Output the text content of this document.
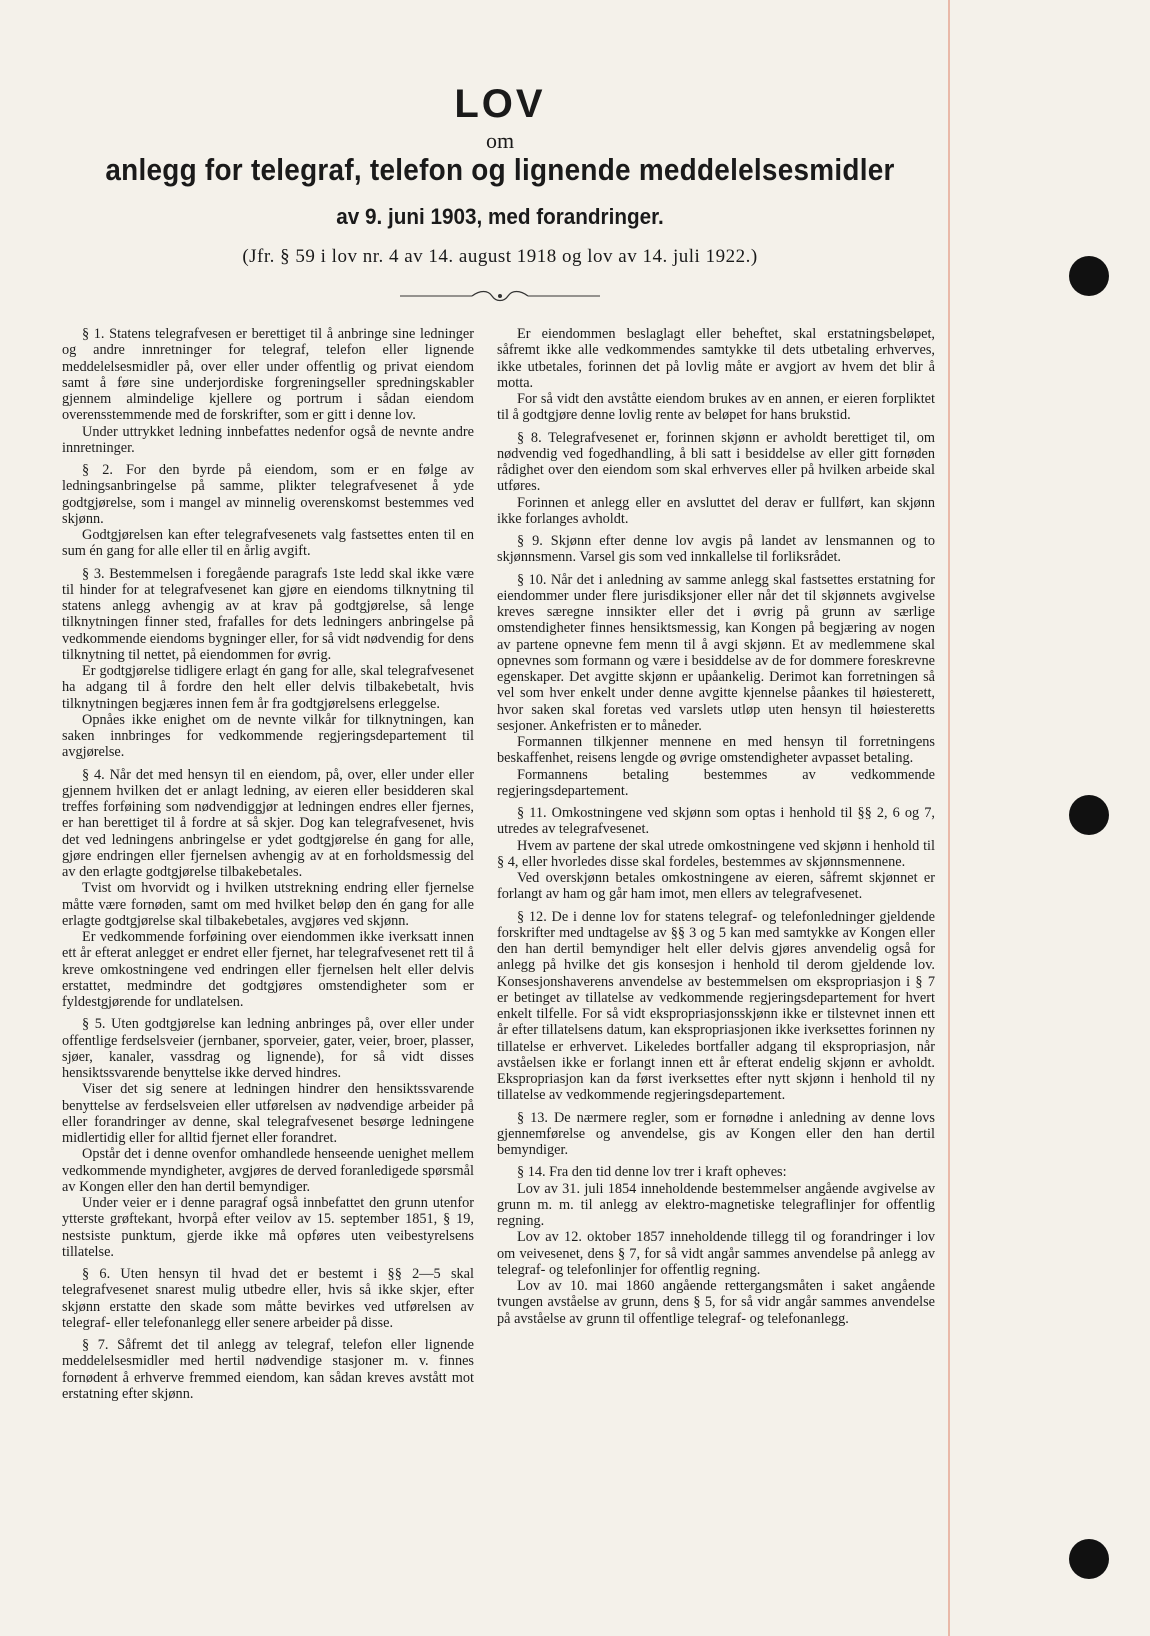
LOV
om
anlegg for telegraf, telefon og lignende meddelelsesmidler
av 9. juni 1903, med forandringer.
(Jfr. § 59 i lov nr. 4 av 14. august 1918 og lov av 14. juli 1922.)

§ 1. Statens telegrafvesen er berettiget til å anbringe sine ledninger og andre innretninger for telegraf, telefon eller lignende meddelelsesmidler på, over eller under offentlig og privat eiendom samt å føre sine underjordiske forgreningseller spredningskabler gjennem almindelige kjellere og portrum i sådan eiendom overensstemmende med de forskrifter, som er gitt i denne lov.

Under uttrykket ledning innbefattes nedenfor også de nevnte andre innretninger.

§ 2. For den byrde på eiendom, som er en følge av ledningsanbringelse på samme, plikter telegrafvesenet å yde godtgjørelse, som i mangel av minnelig overenskomst bestemmes ved skjønn.

Godtgjørelsen kan efter telegrafvesenets valg fastsettes enten til en sum én gang for alle eller til en årlig avgift.

§ 3. Bestemmelsen i foregående paragrafs 1ste ledd skal ikke være til hinder for at telegrafvesenet kan gjøre en eiendoms tilknytning til statens anlegg avhengig av at krav på godtgjørelse, så lenge tilknytningen finner sted, frafalles for dets ledningers anbringelse på vedkommende eiendoms bygninger eller, for så vidt nødvendig for dens tilknytning til nettet, på eiendommen for øvrig.

Er godtgjørelse tidligere erlagt én gang for alle, skal telegrafvesenet ha adgang til å fordre den helt eller delvis tilbakebetalt, hvis tilknytningen begjæres innen fem år fra godtgjørelsens erleggelse.

Opnåes ikke enighet om de nevnte vilkår for tilknytningen, kan saken innbringes for vedkommende regjeringsdepartement til avgjørelse.

§ 4. Når det med hensyn til en eiendom, på, over, eller under eller gjennem hvilken det er anlagt ledning, av eieren eller besidderen skal treffes forføining som nødvendiggjør at ledningen endres eller fjernes, er han berettiget til å fordre at så skjer. Dog kan telegrafvesenet, hvis det ved ledningens anbringelse er ydet godtgjørelse én gang for alle, gjøre endringen eller fjernelsen avhengig av at en forholdsmessig del av den erlagte godtgjørelse tilbakebetales.

Tvist om hvorvidt og i hvilken utstrekning endring eller fjernelse måtte være fornøden, samt om med hvilket beløp den én gang for alle erlagte godtgjørelse skal tilbakebetales, avgjøres ved skjønn.

Er vedkommende forføining over eiendommen ikke iverksatt innen ett år efterat anlegget er endret eller fjernet, har telegrafvesenet rett til å kreve omkostningene ved endringen eller fjernelsen helt eller delvis erstattet, medmindre det godtgjøres omstendigheter som er fyldestgjørende for undlatelsen.

§ 5. Uten godtgjørelse kan ledning anbringes på, over eller under offentlige ferdselsveier (jernbaner, sporveier, gater, veier, broer, plasser, sjøer, kanaler, vassdrag og lignende), for så vidt disses hensiktssvarende benyttelse ikke derved hindres.

Viser det sig senere at ledningen hindrer den hensiktssvarende benyttelse av ferdselsveien eller utførelsen av nødvendige arbeider på eller forandringer av denne, skal telegrafvesenet besørge ledningene midlertidig eller for alltid fjernet eller forandret.

Opstår det i denne ovenfor omhandlede henseende uenighet mellem vedkommende myndigheter, avgjøres de derved foranledigede spørsmål av Kongen eller den han dertil bemyndiger.

Under veier er i denne paragraf også innbefattet den grunn utenfor ytterste grøftekant, hvorpå efter veilov av 15. september 1851, § 19, nestsiste punktum, gjerde ikke må opføres uten veibestyrelsens tillatelse.

§ 6. Uten hensyn til hvad det er bestemt i §§ 2—5 skal telegrafvesenet snarest mulig utbedre eller, hvis så ikke skjer, efter skjønn erstatte den skade som måtte bevirkes ved utførelsen av telegraf- eller telefonanlegg eller senere arbeider på disse.

§ 7. Såfremt det til anlegg av telegraf, telefon eller lignende meddelelsesmidler med hertil nødvendige stasjoner m. v. finnes fornødent å erhverve fremmed eiendom, kan sådan kreves avstått mot erstatning efter skjønn.

Er eiendommen beslaglagt eller beheftet, skal erstatningsbeløpet, såfremt ikke alle vedkommendes samtykke til dets utbetaling erhverves, ikke utbetales, forinnen det på lovlig måte er avgjort av hvem det blir å motta.

For så vidt den avståtte eiendom brukes av en annen, er eieren forpliktet til å godtgjøre denne lovlig rente av beløpet for hans brukstid.

§ 8. Telegrafvesenet er, forinnen skjønn er avholdt berettiget til, om nødvendig ved fogedhandling, å bli satt i besiddelse av eller gitt fornøden rådighet over den eiendom som skal erhverves eller på hvilken arbeide skal utføres.

Forinnen et anlegg eller en avsluttet del derav er fullført, kan skjønn ikke forlanges avholdt.

§ 9. Skjønn efter denne lov avgis på landet av lensmannen og to skjønnsmenn. Varsel gis som ved innkallelse til forliksrådet.

§ 10. Når det i anledning av samme anlegg skal fastsettes erstatning for eiendommer under flere jurisdiksjoner eller når det til skjønnets avgivelse kreves særegne innsikter eller det i øvrig på grunn av særlige omstendigheter finnes hensiktsmessig, kan Kongen på begjæring av nogen av partene opnevne fem menn til å avgi skjønn. Et av medlemmene skal opnevnes som formann og være i besiddelse av de for dommere foreskrevne egenskaper. Det avgitte skjønn er upåankelig. Derimot kan forretningen så vel som hver enkelt under denne avgitte kjennelse påankes til høiesterett, hvor saken skal foretas ved varslets utløp uten hensyn til høiesteretts sesjoner. Ankefristen er to måneder.

Formannen tilkjenner mennene en med hensyn til forretningens beskaffenhet, reisens lengde og øvrige omstendigheter avpasset betaling.

Formannens betaling bestemmes av vedkommende regjeringsdepartement.

§ 11. Omkostningene ved skjønn som optas i henhold til §§ 2, 6 og 7, utredes av telegrafvesenet.

Hvem av partene der skal utrede omkostningene ved skjønn i henhold til § 4, eller hvorledes disse skal fordeles, bestemmes av skjønnsmennene.

Ved overskjønn betales omkostningene av eieren, såfremt skjønnet er forlangt av ham og går ham imot, men ellers av telegrafvesenet.

§ 12. De i denne lov for statens telegraf- og telefonledninger gjeldende forskrifter med undtagelse av §§ 3 og 5 kan med samtykke av Kongen eller den han dertil bemyndiger helt eller delvis gjøres anvendelig også for anlegg på hvilke det gis konsesjon i henhold til derom gjeldende lov. Konsesjonshaverens anvendelse av bestemmelsen om ekspropriasjon i § 7 er betinget av tillatelse av vedkommende regjeringsdepartement for hvert enkelt tilfelle. For så vidt ekspropriasjonsskjønn ikke er tilstevnet innen ett år efter tillatelsens datum, kan ekspropriasjonen ikke iverksettes forinnen ny tillatelse er erhvervet. Likeledes bortfaller adgang til ekspropriasjon, når avståelsen ikke er forlangt innen ett år efterat endelig skjønn er avholdt. Ekspropriasjon kan da først iverksettes efter nytt skjønn i henhold til ny tillatelse av vedkommende regjeringsdepartement.

§ 13. De nærmere regler, som er fornødne i anledning av denne lovs gjennemførelse og anvendelse, gis av Kongen eller den han dertil bemyndiger.

§ 14. Fra den tid denne lov trer i kraft opheves:

Lov av 31. juli 1854 inneholdende bestemmelser angående avgivelse av grunn m. m. til anlegg av elektro-magnetiske telegraflinjer for offentlig regning.

Lov av 12. oktober 1857 inneholdende tillegg til og forandringer i lov om veivesenet, dens § 7, for så vidt angår sammes anvendelse på anlegg av telegraf- og telefonlinjer for offentlig regning.

Lov av 10. mai 1860 angående rettergangsmåten i saket angående tvungen avståelse av grunn, dens § 5, for så vidr angår sammes anvendelse på avståelse av grunn til offentlige telegraf- og telefonanlegg.
